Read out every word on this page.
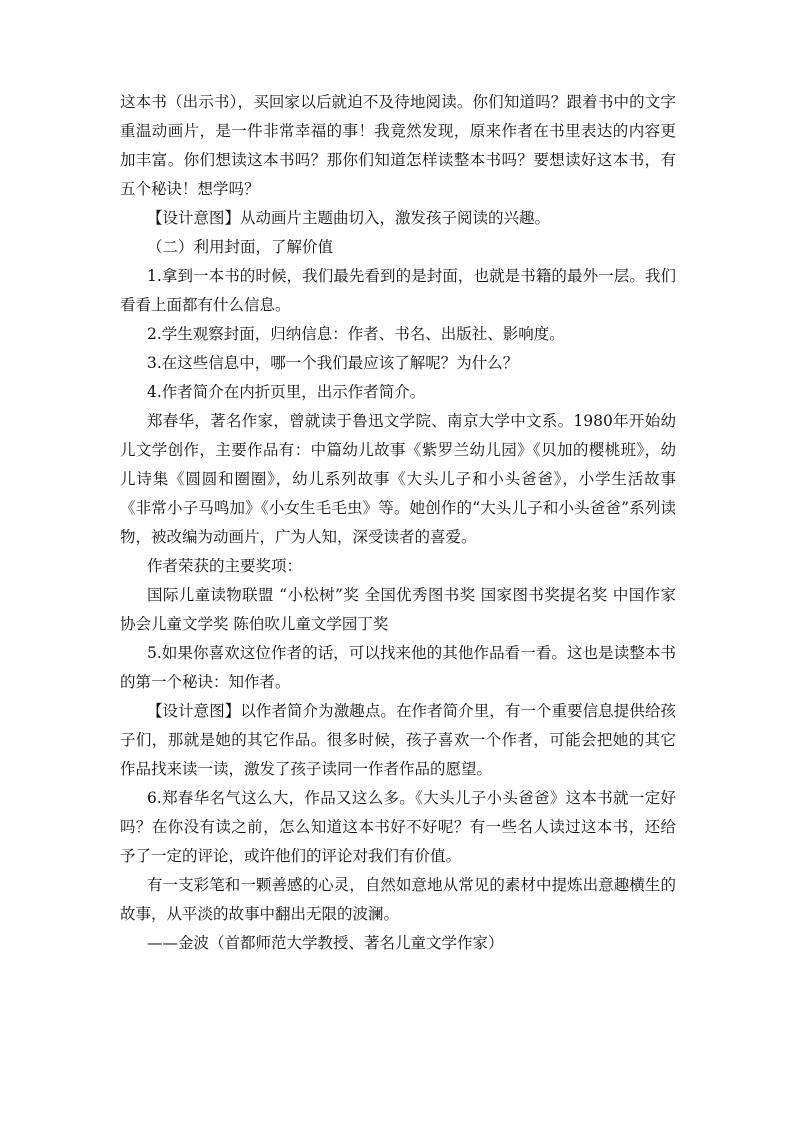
这本书（出示书），买回家以后就迫不及待地阅读。你们知道吗？跟着书中的文字重温动画片，是一件非常幸福的事！我竟然发现，原来作者在书里表达的内容更加丰富。你们想读这本书吗？那你们知道怎样读整本书吗？要想读好这本书，有五个秘诀！想学吗？

【设计意图】从动画片主题曲切入，激发孩子阅读的兴趣。

（二）利用封面，了解价值

1.拿到一本书的时候，我们最先看到的是封面，也就是书籍的最外一层。我们看看上面都有什么信息。

2.学生观察封面，归纳信息：作者、书名、出版社、影响度。

3.在这些信息中，哪一个我们最应该了解呢？为什么？

4.作者简介在内折页里，出示作者简介。

郑春华，著名作家，曾就读于鲁迅文学院、南京大学中文系。1980年开始幼儿文学创作，主要作品有：中篇幼儿故事《紫罗兰幼儿园》《贝加的樱桃班》，幼儿诗集《圆圆和圈圈》，幼儿系列故事《大头儿子和小头爸爸》，小学生活故事《非常小子马鸣加》《小女生毛毛虫》等。她创作的“大头儿子和小头爸爸”系列读物，被改编为动画片，广为人知，深受读者的喜爱。

作者荣获的主要奖项：

国际儿童读物联盟 “小松树”奖 全国优秀图书奖 国家图书奖提名奖 中国作家协会儿童文学奖 陈伯吹儿童文学园丁奖

5.如果你喜欢这位作者的话，可以找来他的其他作品看一看。这也是读整本书的第一个秘诀：知作者。

【设计意图】以作者简介为激趣点。在作者简介里，有一个重要信息提供给孩子们，那就是她的其它作品。很多时候，孩子喜欢一个作者，可能会把她的其它作品找来读一读，激发了孩子读同一作者作品的愿望。

6.郑春华名气这么大，作品又这么多。《大头儿子小头爸爸》这本书就一定好吗？在你没有读之前，怎么知道这本书好不好呢？有一些名人读过这本书，还给予了一定的评论，或许他们的评论对我们有价值。

有一支彩笔和一颗善感的心灵，自然如意地从常见的素材中提炼出意趣横生的故事，从平淡的故事中翻出无限的波澜。

——金波（首都师范大学教授、著名儿童文学作家）
